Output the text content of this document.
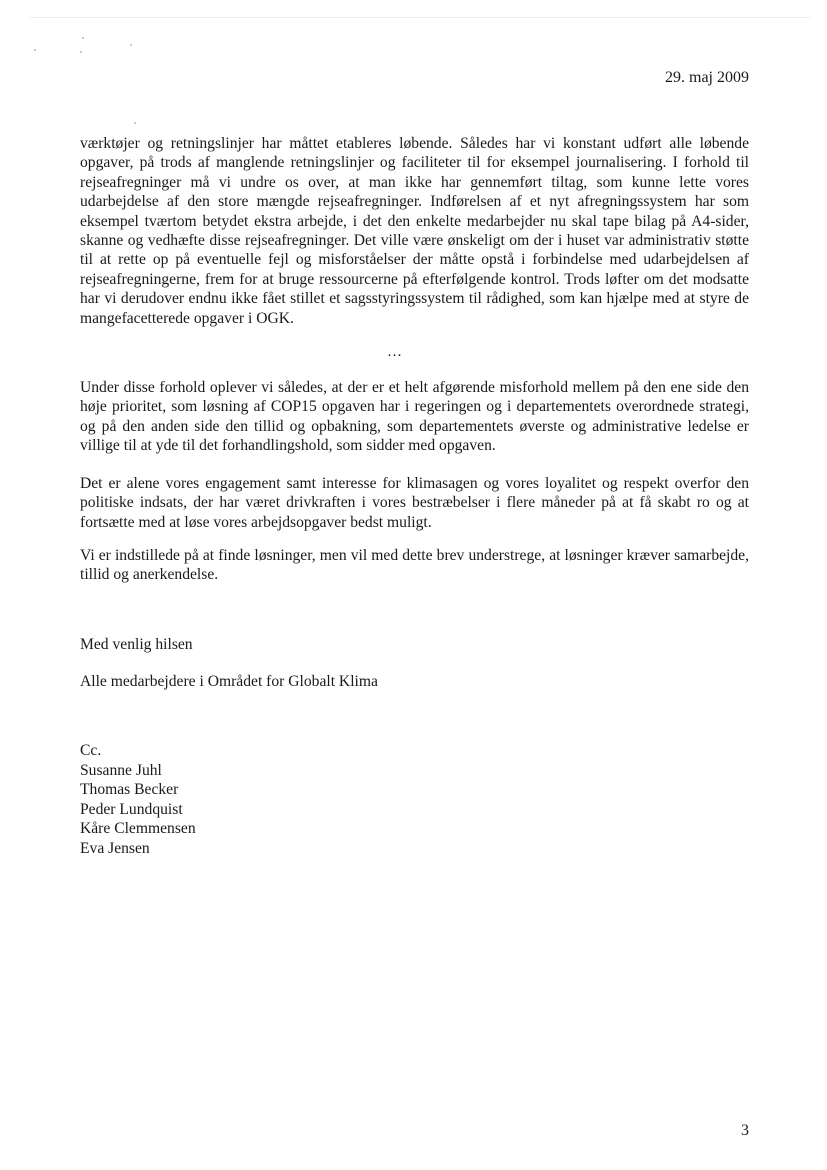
29. maj 2009

værktøjer og retningslinjer har måttet etableres løbende. Således har vi konstant udført alle løbende opgaver, på trods af manglende retningslinjer og faciliteter til for eksempel journalisering. I forhold til rejseafregninger må vi undre os over, at man ikke har gennemført tiltag, som kunne lette vores udarbejdelse af den store mængde rejseafregninger. Indførelsen af et nyt afregningssystem har som eksempel tværtom betydet ekstra arbejde, i det den enkelte medarbejder nu skal tape bilag på A4-sider, skanne og vedhæfte disse rejseafregninger. Det ville være ønskeligt om der i huset var administrativ støtte til at rette op på eventuelle fejl og misforståelser der måtte opstå i forbindelse med udarbejdelsen af rejseafregningerne, frem for at bruge ressourcerne på efterfølgende kontrol. Trods løfter om det modsatte har vi derudover endnu ikke fået stillet et sagsstyringssystem til rådighed, som kan hjælpe med at styre de mangefacetterede opgaver i OGK.

…

Under disse forhold oplever vi således, at der er et helt afgørende misforhold mellem på den ene side den høje prioritet, som løsning af COP15 opgaven har i regeringen og i departementets overordnede strategi, og på den anden side den tillid og opbakning, som departementets øverste og administrative ledelse er villige til at yde til det forhandlingshold, som sidder med opgaven.

Det er alene vores engagement samt interesse for klimasagen og vores loyalitet og respekt overfor den politiske indsats, der har været drivkraften i vores bestræbelser i flere måneder på at få skabt ro og at fortsætte med at løse vores arbejdsopgaver bedst muligt.

Vi er indstillede på at finde løsninger, men vil med dette brev understrege, at løsninger kræver samarbejde, tillid og anerkendelse.

Med venlig hilsen
Alle medarbejdere i Området for Globalt Klima
Cc.
Susanne Juhl
Thomas Becker
Peder Lundquist
Kåre Clemmensen
Eva Jensen
3
